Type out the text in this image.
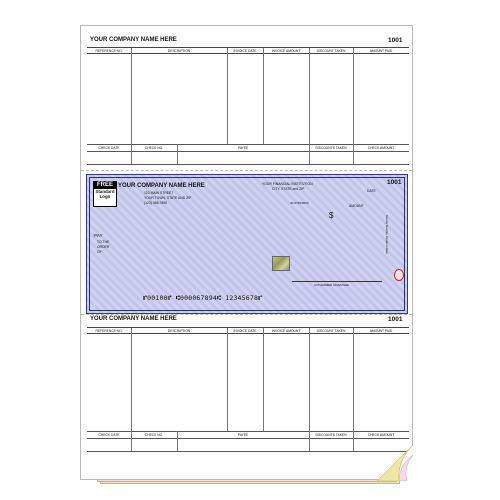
YOUR COMPANY NAME HERE	1001
REFERENCE NO.	DESCRIPTION	INVOICE DATE	INVOICE AMOUNT	DISCOUNT TAKEN	AMOUNT PAID
CHECK DATE	CHECK NO.	PAYEE	DISCOUNTS TAKEN	CHECK AMOUNT
FREE
Standard
Logo
YOUR COMPANY NAME HERE
123 MAIN STREET
YOUR TOWN, STATE AND ZIP
(123) 456-7890
YOUR FINANCIAL INSTITUTION
CITY, STATE and ZIP
1001
DATE
00-6789/0000
AMOUNT
$
PAY
TO THE
ORDER
OF:
AUTHORIZED SIGNATURE
Security features. Details on back.
⑈00100⑈ ⑆000067894⑆ 12345678⑈
YOUR COMPANY NAME HERE	1001
REFERENCE NO.	DESCRIPTION	INVOICE DATE	INVOICE AMOUNT	DISCOUNT TAKEN	AMOUNT PAID
CHECK DATE	CHECK NO.	PAYEE	DISCOUNTS TAKEN	CHECK AMOUNT
